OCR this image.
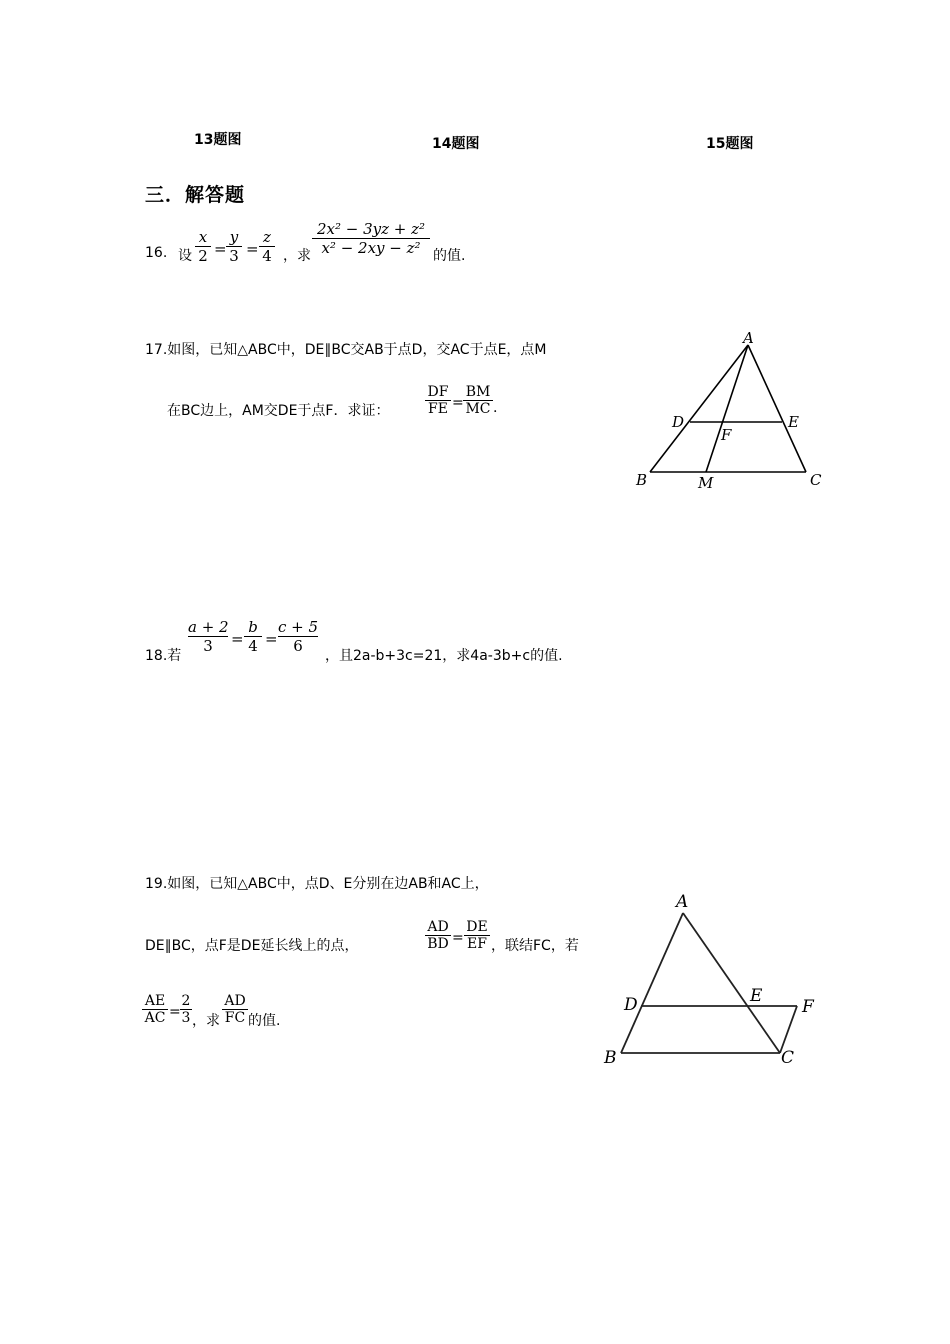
13题图	14题图	15题图
三．解答题
16. 设
x
2 =
y
3 =
z
4 ，求
2x² − 3yz + z²
x² − 2xy − z² 的值.
17.如图，已知△ABC中，DE∥BC交AB于点D，交AC于点E，点M
在BC边上，AM交DE于点F．求证：
DF
FE =
BM
MC .
A
B	C
D	E
F
M
18.若
a + 2
3	=
b
4 =
c + 5
6
，且2a-b+3c=21，求4a-3b+c的值.
19.如图，已知△ABC中，点D、E分别在边AB和AC上，
DE∥BC，点F是DE延长线上的点，
AD
BD =
DE
EF ，联结FC，若
AE
AC =
2
3 ，求
AD
FC 的值.
A
B	C
D	E
F
